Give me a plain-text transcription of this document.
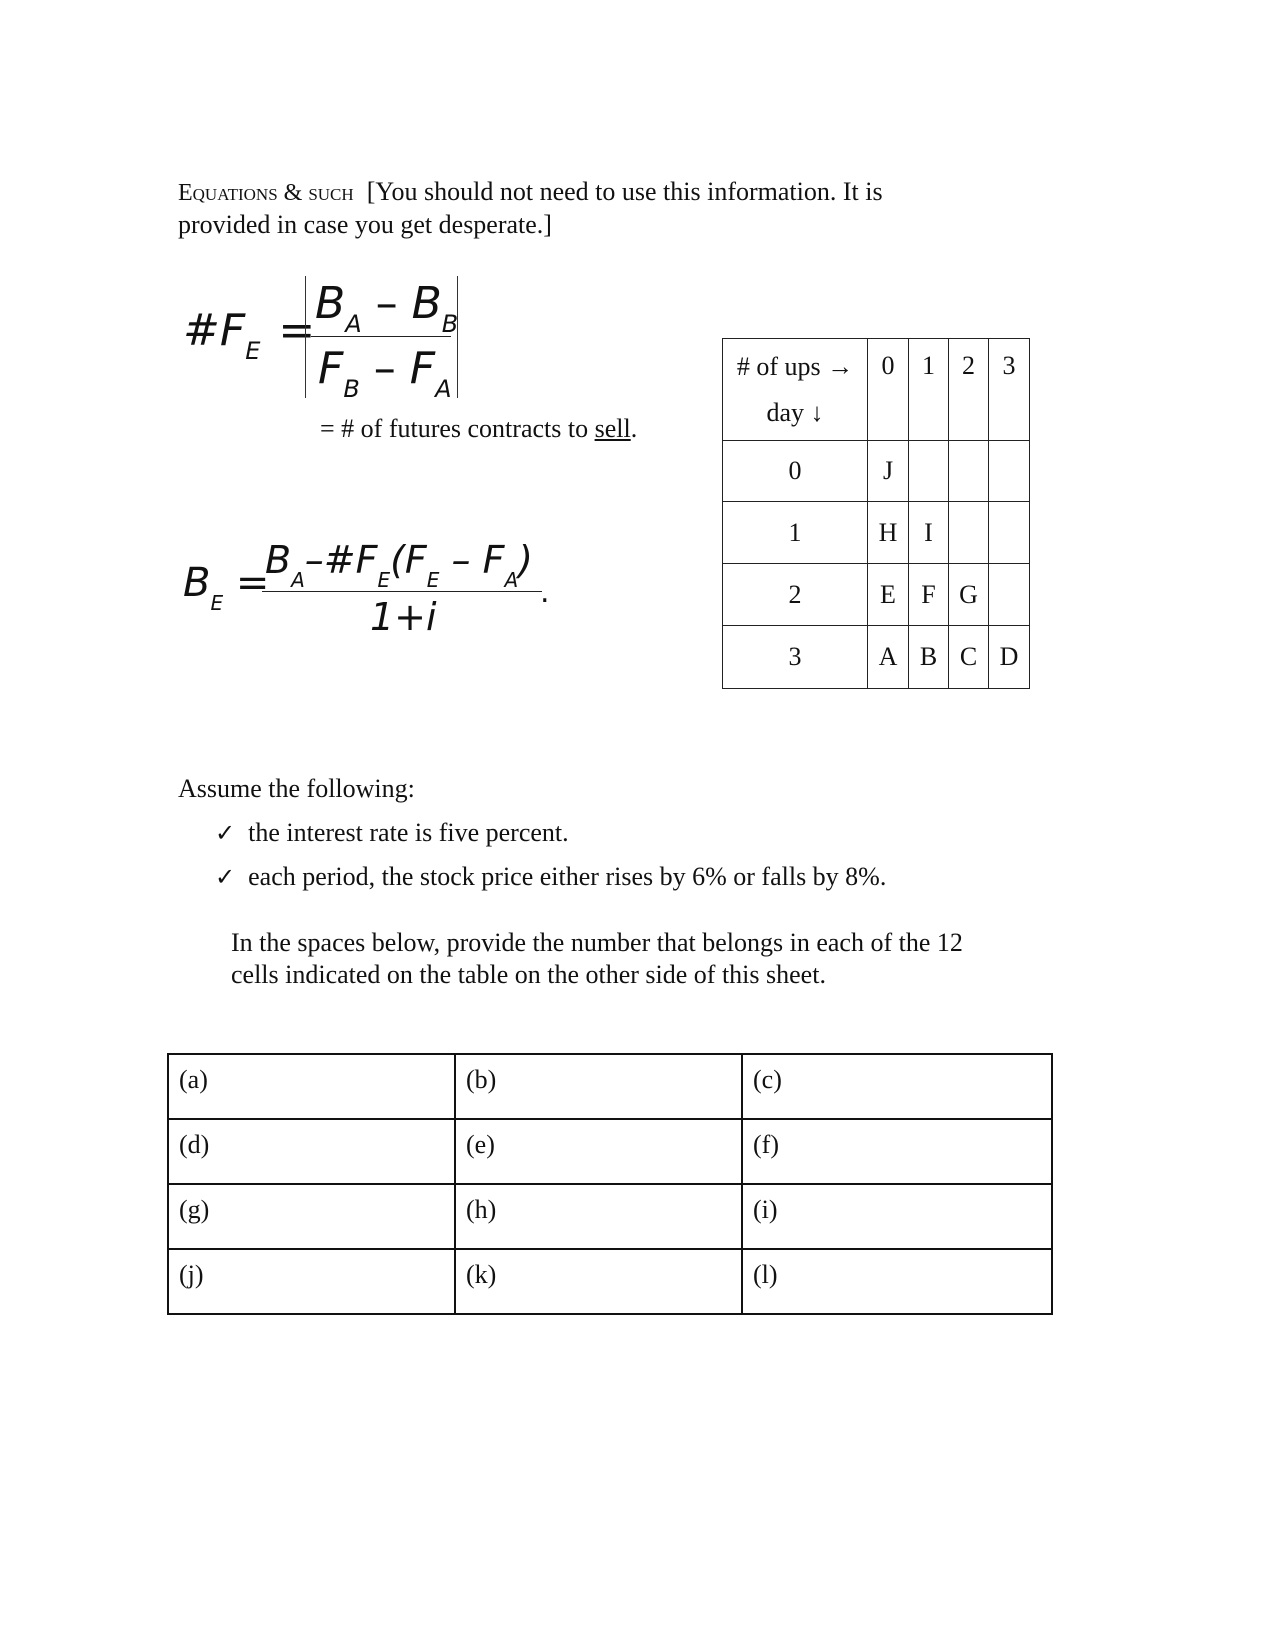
Equations & such [You should not need to use this information. It is
provided in case you get desperate.]
$\#F_E$ =
$B_A - B_B$
$F_B - F_A$
= # of futures contracts to sell.
$B_E$ =
$B_A-\#F_E(F_E - F_A)$
1+i
.
# of ups →
day ↓	0	1	2	3
0	J			
1	H	I		
2	E	F	G	
3	A	B	C	D
Assume the following:
✓ the interest rate is five percent.
✓ each period, the stock price either rises by 6% or falls by 8%.
In the spaces below, provide the number that belongs in each of the 12
cells indicated on the table on the other side of this sheet.
(a)	(b)	(c)
(d)	(e)	(f)
(g)	(h)	(i)
(j)	(k)	(l)
